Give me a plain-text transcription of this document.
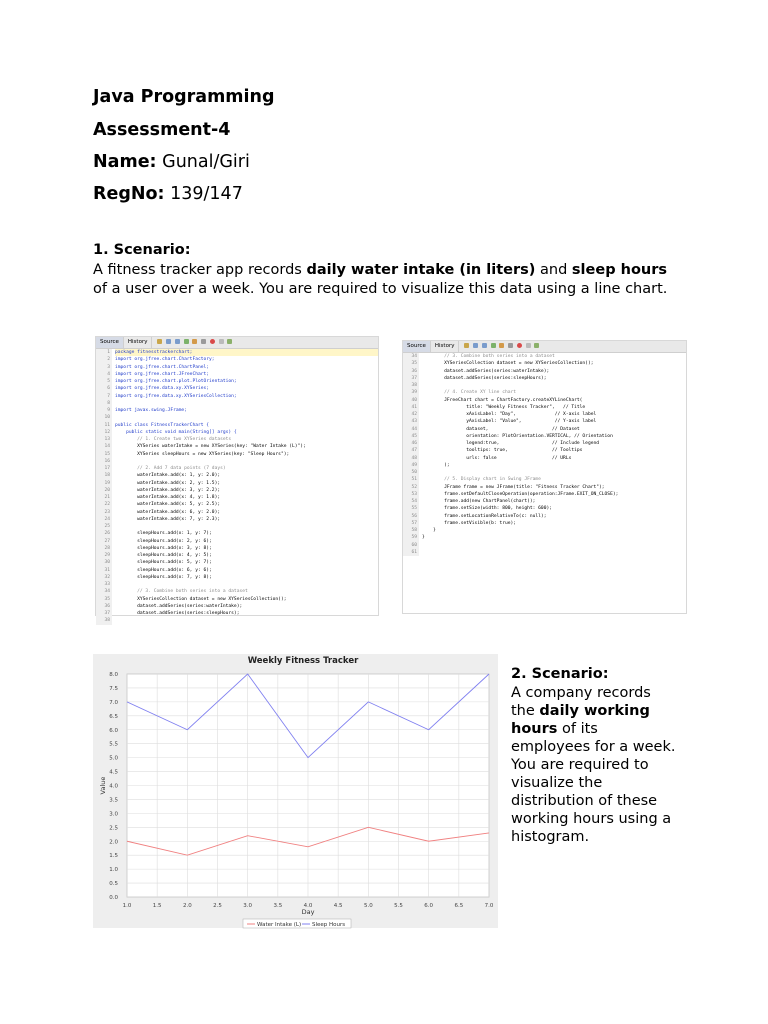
Java Programming
Assessment-4
Name: Gunal/Giri
RegNo: 139/147
1. Scenario:
A fitness tracker app records daily water intake (in liters) and sleep hours of a user over a week. You are required to visualize this data using a line chart.
Source	History

1
2
3
4
5
6
7
8
9
10
11
12
13
14
15
16
17
18
19
20
21
22
23
24
25
26
27
28
29
30
31
32
33
34
35
36
37
38
package fitnesstrackerchart;
import org.jfree.chart.ChartFactory;
import org.jfree.chart.ChartPanel;
import org.jfree.chart.JFreeChart;
import org.jfree.chart.plot.PlotOrientation;
import org.jfree.data.xy.XYSeries;
import org.jfree.data.xy.XYSeriesCollection;
import javax.swing.JFrame;
public class FitnessTrackerChart {
public static void main(String[] args) {
// 1. Create two XYSeries datasets
XYSeries waterIntake = new XYSeries(key: "Water Intake (L)");
XYSeries sleepHours = new XYSeries(key: "Sleep Hours");
// 2. Add 7 data points (7 days)
waterIntake.add(x: 1, y: 2.0);
waterIntake.add(x: 2, y: 1.5);
waterIntake.add(x: 3, y: 2.2);
waterIntake.add(x: 4, y: 1.8);
waterIntake.add(x: 5, y: 2.5);
waterIntake.add(x: 6, y: 2.0);
waterIntake.add(x: 7, y: 2.3);
sleepHours.add(x: 1, y: 7);
sleepHours.add(x: 2, y: 6);
sleepHours.add(x: 3, y: 8);
sleepHours.add(x: 4, y: 5);
sleepHours.add(x: 5, y: 7);
sleepHours.add(x: 6, y: 6);
sleepHours.add(x: 7, y: 8);
// 3. Combine both series into a dataset
XYSeriesCollection dataset = new XYSeriesCollection();
dataset.addSeries(series:waterIntake);
dataset.addSeries(series:sleepHours);
Source	History

34
35
36
37
38
39
40
41
42
43
44
45
46
47
48
49
50
51
52
53
54
55
56
57
58
59
60
61
// 3. Combine both series into a dataset
XYSeriesCollection dataset = new XYSeriesCollection();
dataset.addSeries(series:waterIntake);
dataset.addSeries(series:sleepHours);
// 4. Create XY line chart
JFreeChart chart = ChartFactory.createXYLineChart(
title: "Weekly Fitness Tracker",   // Title
xAxisLabel: "Day",              // X-axis label
yAxisLabel: "Value",            // Y-axis label
dataset,                       // Dataset
orientation: PlotOrientation.VERTICAL, // Orientation
legend:true,                   // Include legend
tooltips: true,                // Tooltips
urls: false                    // URLs
);
// 5. Display chart in Swing JFrame
JFrame frame = new JFrame(title: "Fitness Tracker Chart");
frame.setDefaultCloseOperation(operation:JFrame.EXIT_ON_CLOSE);
frame.add(new ChartPanel(chart));
frame.setSize(width: 800, height: 600);
frame.setLocationRelativeTo(c: null);
frame.setVisible(b: true);
}
}
1.0	1.5	2.0	2.5	3.0	3.5	4.0	4.5	5.0	5.5	6.0	6.5	7.0
0.0
0.5
1.0
1.5
2.0
2.5
3.0
3.5
4.0
4.5
5.0
5.5
6.0
6.5
7.0
7.5
8.0
Weekly Fitness Tracker
Day
Value
Water Intake (L) Sleep Hours
2. Scenario:
A company records the daily working hours of its employees for a week. You are required to visualize the distribution of these working hours using a histogram.
